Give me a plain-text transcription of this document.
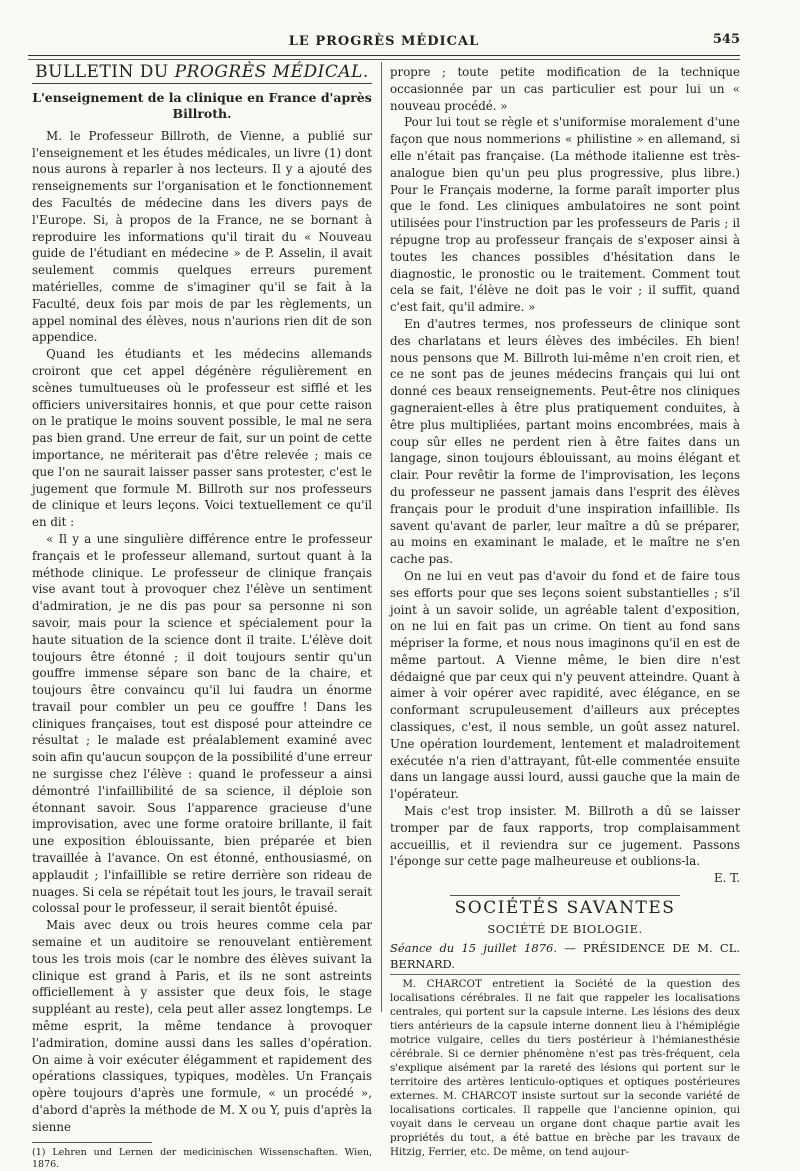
LE PROGRÈS MÉDICAL	545
BULLETIN DU PROGRÈS MÉDICAL.
L'enseignement de la clinique en France d'après Billroth.

M. le Professeur Billroth, de Vienne, a publié sur l'enseignement et les études médicales, un livre (1) dont nous aurons à reparler à nos lecteurs. Il y a ajouté des renseignements sur l'organisation et le fonctionnement des Facultés de médecine dans les divers pays de l'Europe. Si, à propos de la France, ne se bornant à reproduire les informations qu'il tirait du « Nouveau guide de l'étudiant en médecine » de P. Asselin, il avait seulement commis quelques erreurs purement matérielles, comme de s'imaginer qu'il se fait à la Faculté, deux fois par mois de par les règlements, un appel nominal des élèves, nous n'aurions rien dit de son appendice.

Quand les étudiants et les médecins allemands croiront que cet appel dégénère régulièrement en scènes tumultueuses où le professeur est sifflé et les officiers universitaires honnis, et que pour cette raison on le pratique le moins souvent possible, le mal ne sera pas bien grand. Une erreur de fait, sur un point de cette importance, ne mériterait pas d'être relevée ; mais ce que l'on ne saurait laisser passer sans protester, c'est le jugement que formule M. Billroth sur nos professeurs de clinique et leurs leçons. Voici textuellement ce qu'il en dit :

« Il y a une singulière différence entre le professeur français et le professeur allemand, surtout quant à la méthode clinique. Le professeur de clinique français vise avant tout à provoquer chez l'élève un sentiment d'admiration, je ne dis pas pour sa personne ni son savoir, mais pour la science et spécialement pour la haute situation de la science dont il traite. L'élève doit toujours être étonné ; il doit toujours sentir qu'un gouffre immense sépare son banc de la chaire, et toujours être convaincu qu'il lui faudra un énorme travail pour combler un peu ce gouffre ! Dans les cliniques françaises, tout est disposé pour atteindre ce résultat ; le malade est préalablement examiné avec soin afin qu'aucun soupçon de la possibilité d'une erreur ne surgisse chez l'élève : quand le professeur a ainsi démontré l'infaillibilité de sa science, il déploie son étonnant savoir. Sous l'apparence gracieuse d'une improvisation, avec une forme oratoire brillante, il fait une exposition éblouissante, bien préparée et bien travaillée à l'avance. On est étonné, enthousiasmé, on applaudit ; l'infaillible se retire derrière son rideau de nuages. Si cela se répétait tout les jours, le travail serait colossal pour le professeur, il serait bientôt épuisé.

Mais avec deux ou trois heures comme cela par semaine et un auditoire se renouvelant entièrement tous les trois mois (car le nombre des élèves suivant la clinique est grand à Paris, et ils ne sont astreints officiellement à y assister que deux fois, le stage suppléant au reste), cela peut aller assez longtemps. Le même esprit, la même tendance à provoquer l'admiration, domine aussi dans les salles d'opération. On aime à voir exécuter élégamment et rapidement des opérations classiques, typiques, modèles. Un Français opère toujours d'après une formule, « un procédé », d'abord d'après la méthode de M. X ou Y, puis d'après la sienne

(1) Lehren und Lernen der medicinischen Wissenschaften. Wien, 1876.

propre ; toute petite modification de la technique occasionnée par un cas particulier est pour lui un « nouveau procédé. »

Pour lui tout se règle et s'uniformise moralement d'une façon que nous nommerions « philistine » en allemand, si elle n'était pas française. (La méthode italienne est très-analogue bien qu'un peu plus progressive, plus libre.) Pour le Français moderne, la forme paraît importer plus que le fond. Les cliniques ambulatoires ne sont point utilisées pour l'instruction par les professeurs de Paris ; il répugne trop au professeur français de s'exposer ainsi à toutes les chances possibles d'hésitation dans le diagnostic, le pronostic ou le traitement. Comment tout cela se fait, l'élève ne doit pas le voir ; il suffit, quand c'est fait, qu'il admire. »

En d'autres termes, nos professeurs de clinique sont des charlatans et leurs élèves des imbéciles. Eh bien! nous pensons que M. Billroth lui-même n'en croit rien, et ce ne sont pas de jeunes médecins français qui lui ont donné ces beaux renseignements. Peut-être nos cliniques gagneraient-elles à être plus pratiquement conduites, à être plus multipliées, partant moins encombrées, mais à coup sûr elles ne perdent rien à être faites dans un langage, sinon toujours éblouissant, au moins élégant et clair. Pour revêtir la forme de l'improvisation, les leçons du professeur ne passent jamais dans l'esprit des élèves français pour le produit d'une inspiration infaillible. Ils savent qu'avant de parler, leur maître a dû se préparer, au moins en examinant le malade, et le maître ne s'en cache pas.

On ne lui en veut pas d'avoir du fond et de faire tous ses efforts pour que ses leçons soient substantielles ; s'il joint à un savoir solide, un agréable talent d'exposition, on ne lui en fait pas un crime. On tient au fond sans mépriser la forme, et nous nous imaginons qu'il en est de même partout. A Vienne même, le bien dire n'est dédaigné que par ceux qui n'y peuvent atteindre. Quant à aimer à voir opérer avec rapidité, avec élégance, en se conformant scrupuleusement d'ailleurs aux préceptes classiques, c'est, il nous semble, un goût assez naturel. Une opération lourdement, lentement et maladroitement exécutée n'a rien d'attrayant, fût-elle commentée ensuite dans un langage aussi lourd, aussi gauche que la main de l'opérateur.

Mais c'est trop insister. M. Billroth a dû se laisser tromper par de faux rapports, trop complaisamment accueillis, et il reviendra sur ce jugement. Passons l'éponge sur cette page malheureuse et oublions-la.

E. T.
SOCIÉTÉS SAVANTES
SOCIÉTÉ DE BIOLOGIE.

Séance du 15 juillet 1876. — PRÉSIDENCE DE M. CL. BERNARD.

M. CHARCOT entretient la Société de la question des localisations cérébrales. Il ne fait que rappeler les localisations centrales, qui portent sur la capsule interne. Les lésions des deux tiers antérieurs de la capsule interne donnent lieu à l'hémiplégie motrice vulgaire, celles du tiers postérieur à l'hémianesthésie cérébrale. Si ce dernier phénomène n'est pas très-fréquent, cela s'explique aisément par la rareté des lésions qui portent sur le territoire des artères lenticulo-optiques et optiques postérieures externes. M. CHARCOT insiste surtout sur la seconde variété de localisations corticales. Il rappelle que l'ancienne opinion, qui voyait dans le cerveau un organe dont chaque partie avait les propriétés du tout, a été battue en brèche par les travaux de Hitzig, Ferrier, etc. De même, on tend aujour-
